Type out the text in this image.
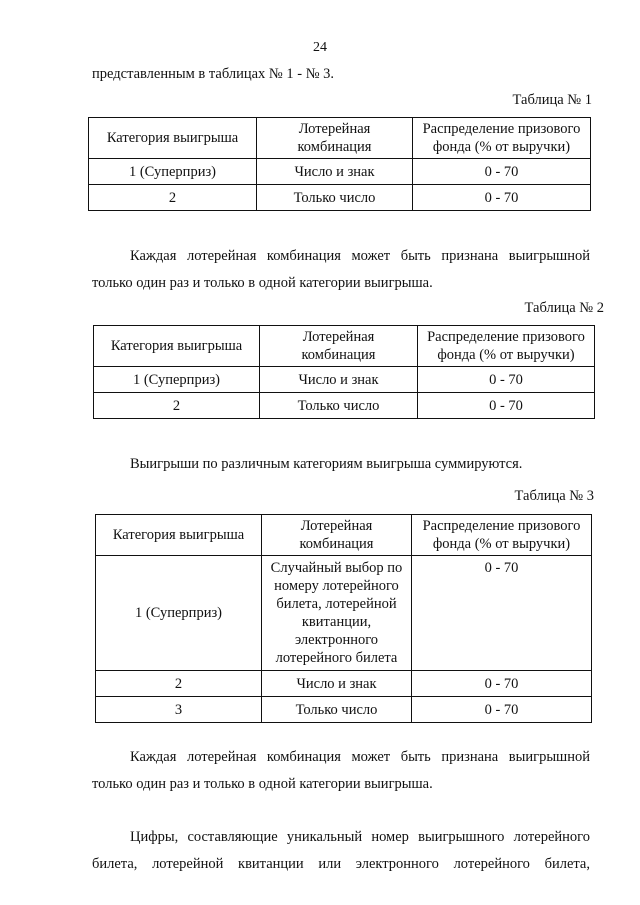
24
представленным в таблицах № 1 - № 3.
Таблица № 1
Категория выигрыша	Лотерейная комбинация	Распределение призового фонда (% от выручки)
1 (Суперприз)	Число и знак	0 - 70
2	Только число	0 - 70
Каждая лотерейная комбинация может быть признана выигрышной
только один раз и только в одной категории выигрыша.
Таблица № 2
Категория выигрыша	Лотерейная комбинация	Распределение призового фонда (% от выручки)
1 (Суперприз)	Число и знак	0 - 70
2	Только число	0 - 70
Выигрыши по различным категориям выигрыша суммируются.
Таблица № 3
Категория выигрыша	Лотерейная комбинация	Распределение призового фонда (% от выручки)
1 (Суперприз)	Случайный выбор по номеру лотерейного билета, лотерейной квитанции, электронного лотерейного билета	0 - 70
2	Число и знак	0 - 70
3	Только число	0 - 70
Каждая лотерейная комбинация может быть признана выигрышной
только один раз и только в одной категории выигрыша.
Цифры, составляющие уникальный номер выигрышного лотерейного
билета, лотерейной квитанции или электронного лотерейного билета,
